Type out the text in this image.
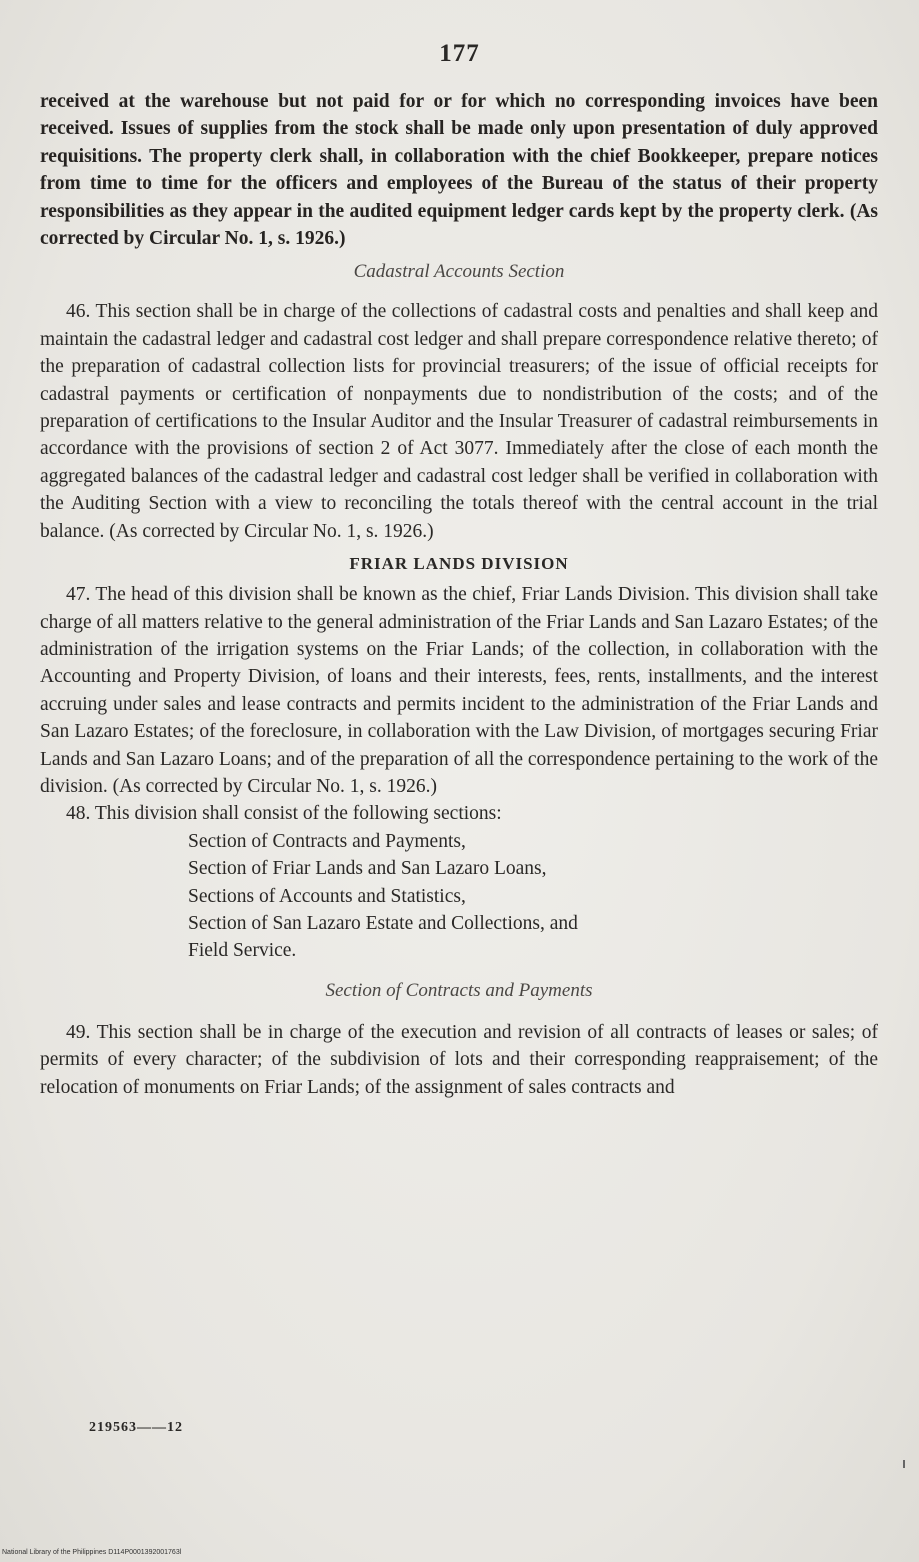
177

received at the warehouse but not paid for or for which no corresponding invoices have been received. Issues of supplies from the stock shall be made only upon presentation of duly approved requisitions. The property clerk shall, in collaboration with the chief Bookkeeper, prepare notices from time to time for the officers and employees of the Bureau of the status of their property responsibilities as they appear in the audited equipment ledger cards kept by the property clerk. (As corrected by Circular No. 1, s. 1926.)

Cadastral Accounts Section

46. This section shall be in charge of the collections of cadastral costs and penalties and shall keep and maintain the cadastral ledger and cadastral cost ledger and shall prepare correspondence relative thereto; of the preparation of cadastral collection lists for provincial treasurers; of the issue of official receipts for cadastral payments or certification of nonpayments due to nondistribution of the costs; and of the preparation of certifications to the Insular Auditor and the Insular Treasurer of cadastral reimbursements in accordance with the provisions of section 2 of Act 3077. Immediately after the close of each month the aggregated balances of the cadastral ledger and cadastral cost ledger shall be verified in collaboration with the Auditing Section with a view to reconciling the totals thereof with the central account in the trial balance. (As corrected by Circular No. 1, s. 1926.)

FRIAR LANDS DIVISION

47. The head of this division shall be known as the chief, Friar Lands Division. This division shall take charge of all matters relative to the general administration of the Friar Lands and San Lazaro Estates; of the administration of the irrigation systems on the Friar Lands; of the collection, in collaboration with the Accounting and Property Division, of loans and their interests, fees, rents, installments, and the interest accruing under sales and lease contracts and permits incident to the administration of the Friar Lands and San Lazaro Estates; of the foreclosure, in collaboration with the Law Division, of mortgages securing Friar Lands and San Lazaro Loans; and of the preparation of all the correspondence pertaining to the work of the division. (As corrected by Circular No. 1, s. 1926.)

48. This division shall consist of the following sections:

Section of Contracts and Payments,
Section of Friar Lands and San Lazaro Loans,
Sections of Accounts and Statistics,
Section of San Lazaro Estate and Collections, and
Field Service.
Section of Contracts and Payments

49. This section shall be in charge of the execution and revision of all contracts of leases or sales; of permits of every character; of the subdivision of lots and their corresponding reappraisement; of the relocation of monuments on Friar Lands; of the assignment of sales contracts and

219563——12
National Library of the Philippines D114P0001392001763l
